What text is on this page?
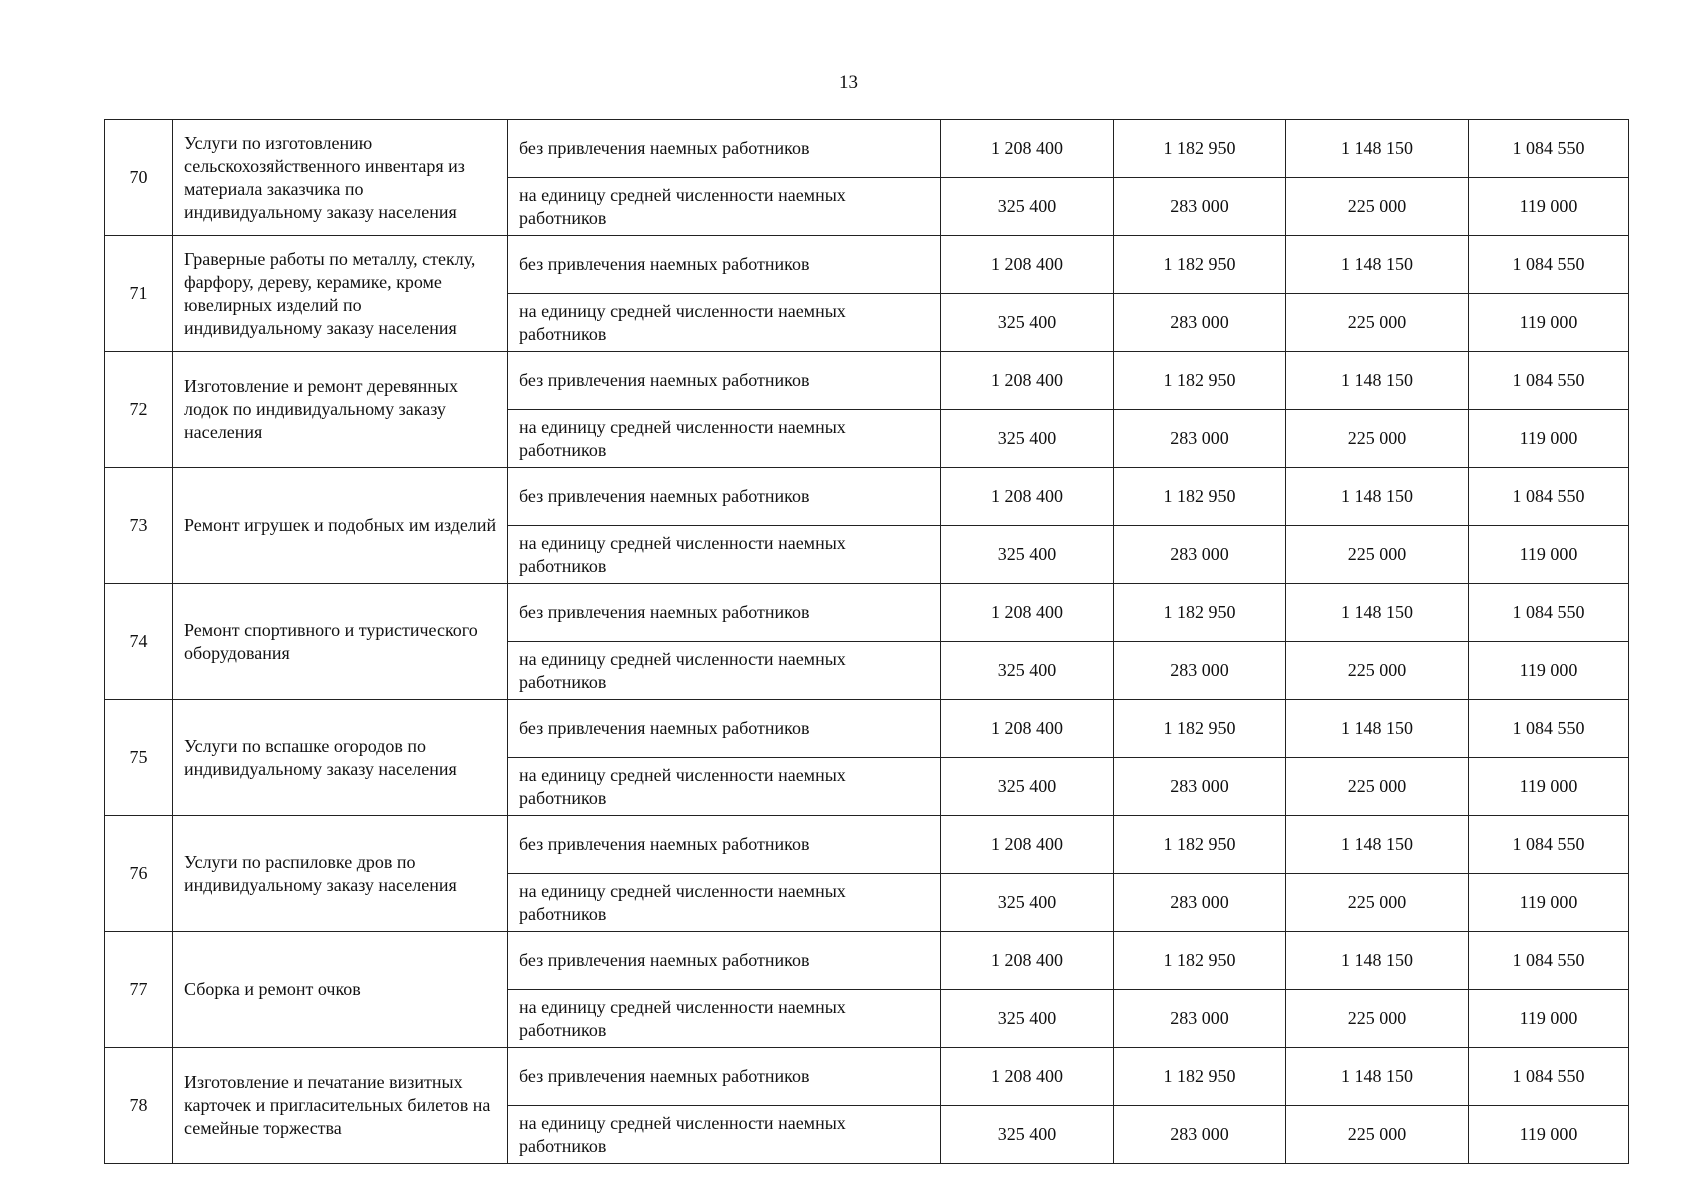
13
70	Услуги по изготовлению сельскохозяйственного инвентаря из материала заказчика по индивидуальному заказу населения	без привлечения наемных работников	1 208 400	1 182 950	1 148 150	1 084 550
		на единицу средней численности наемных работников	325 400	283 000	225 000	119 000
71	Граверные работы по металлу, стеклу, фарфору, дереву, керамике, кроме ювелирных изделий по индивидуальному заказу населения	без привлечения наемных работников	1 208 400	1 182 950	1 148 150	1 084 550
		на единицу средней численности наемных работников	325 400	283 000	225 000	119 000
72	Изготовление и ремонт деревянных лодок по индивидуальному заказу населения	без привлечения наемных работников	1 208 400	1 182 950	1 148 150	1 084 550
		на единицу средней численности наемных работников	325 400	283 000	225 000	119 000
73	Ремонт игрушек и подобных им изделий	без привлечения наемных работников	1 208 400	1 182 950	1 148 150	1 084 550
		на единицу средней численности наемных работников	325 400	283 000	225 000	119 000
74	Ремонт спортивного и туристического оборудования	без привлечения наемных работников	1 208 400	1 182 950	1 148 150	1 084 550
		на единицу средней численности наемных работников	325 400	283 000	225 000	119 000
75	Услуги по вспашке огородов по индивидуальному заказу населения	без привлечения наемных работников	1 208 400	1 182 950	1 148 150	1 084 550
		на единицу средней численности наемных работников	325 400	283 000	225 000	119 000
76	Услуги по распиловке дров по индивидуальному заказу населения	без привлечения наемных работников	1 208 400	1 182 950	1 148 150	1 084 550
		на единицу средней численности наемных работников	325 400	283 000	225 000	119 000
77	Сборка и ремонт очков	без привлечения наемных работников	1 208 400	1 182 950	1 148 150	1 084 550
		на единицу средней численности наемных работников	325 400	283 000	225 000	119 000
78	Изготовление и печатание визитных карточек и пригласительных билетов на семейные торжества	без привлечения наемных работников	1 208 400	1 182 950	1 148 150	1 084 550
		на единицу средней численности наемных работников	325 400	283 000	225 000	119 000
